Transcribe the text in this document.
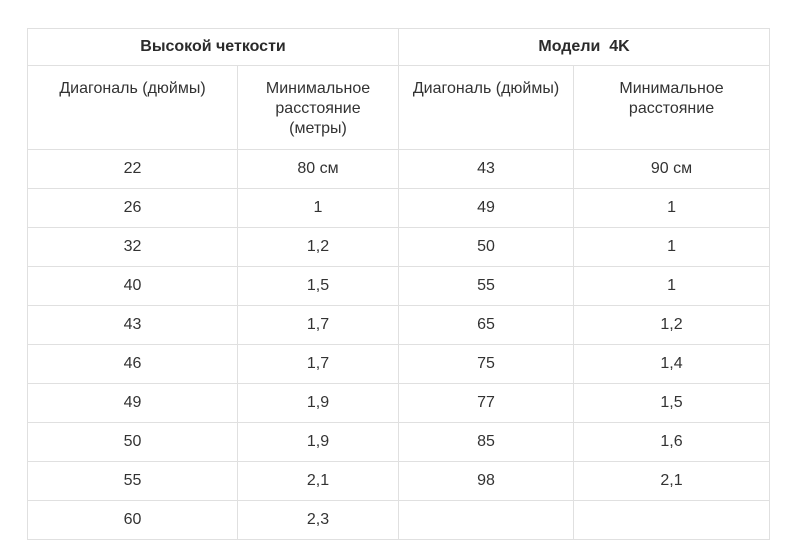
Высокой четкости		Модели  4K	
Диагональ (дюймы)	Минимальное расстояние (метры)	Диагональ (дюймы)	Минимальное расстояние
22	80 см	43	90 см
26	1	49	1
32	1,2	50	1
40	1,5	55	1
43	1,7	65	1,2
46	1,7	75	1,4
49	1,9	77	1,5
50	1,9	85	1,6
55	2,1	98	2,1
60	2,3		
